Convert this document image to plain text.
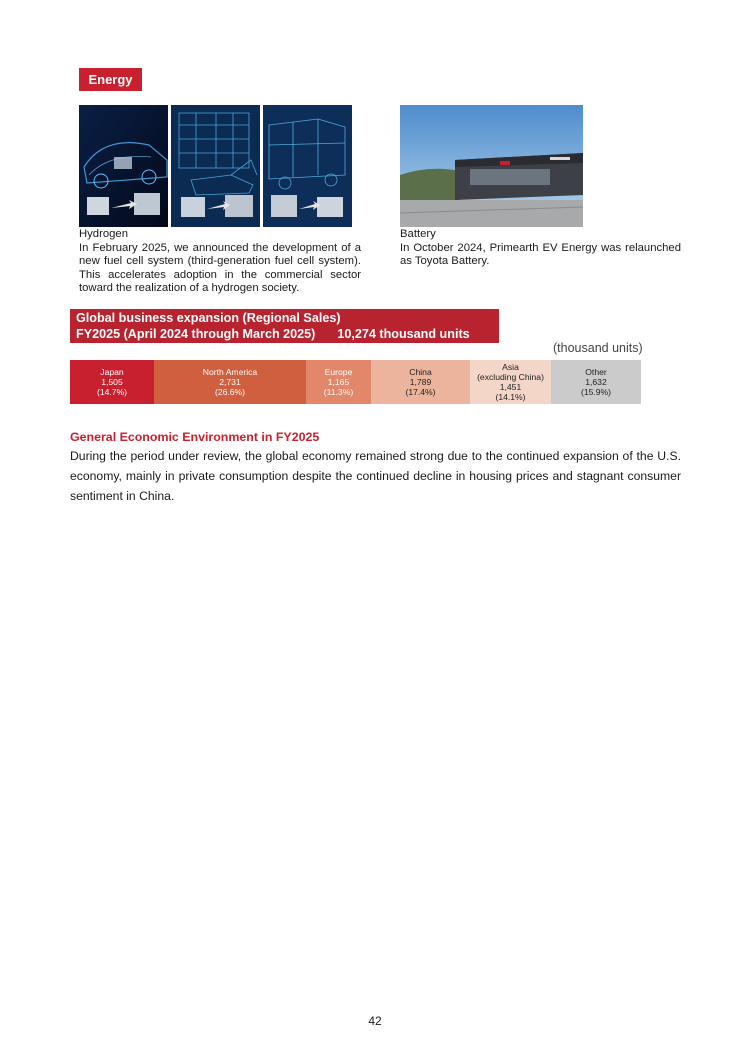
Energy
Hydrogen
In February 2025, we announced the development of a new fuel cell system (third-generation fuel cell system). This accelerates adoption in the commercial sector toward the realization of a hydrogen society.
Battery
In October 2024, Primearth EV Energy was relaunched as Toyota Battery.
Global business expansion (Regional Sales)
FY2025 (April 2024 through March 2025) 10,274 thousand units
(thousand units)
Japan
1,505
(14.7%)
North America
2,731
(26.6%)
Europe
1,165
(11.3%)
China
1,789
(17.4%)
Asia
(excluding China)
1,451
(14.1%)
Other
1,632
(15.9%)
General Economic Environment in FY2025
During the period under review, the global economy remained strong due to the continued expansion of the U.S. economy, mainly in private consumption despite the continued decline in housing prices and stagnant consumer sentiment in China.
42
